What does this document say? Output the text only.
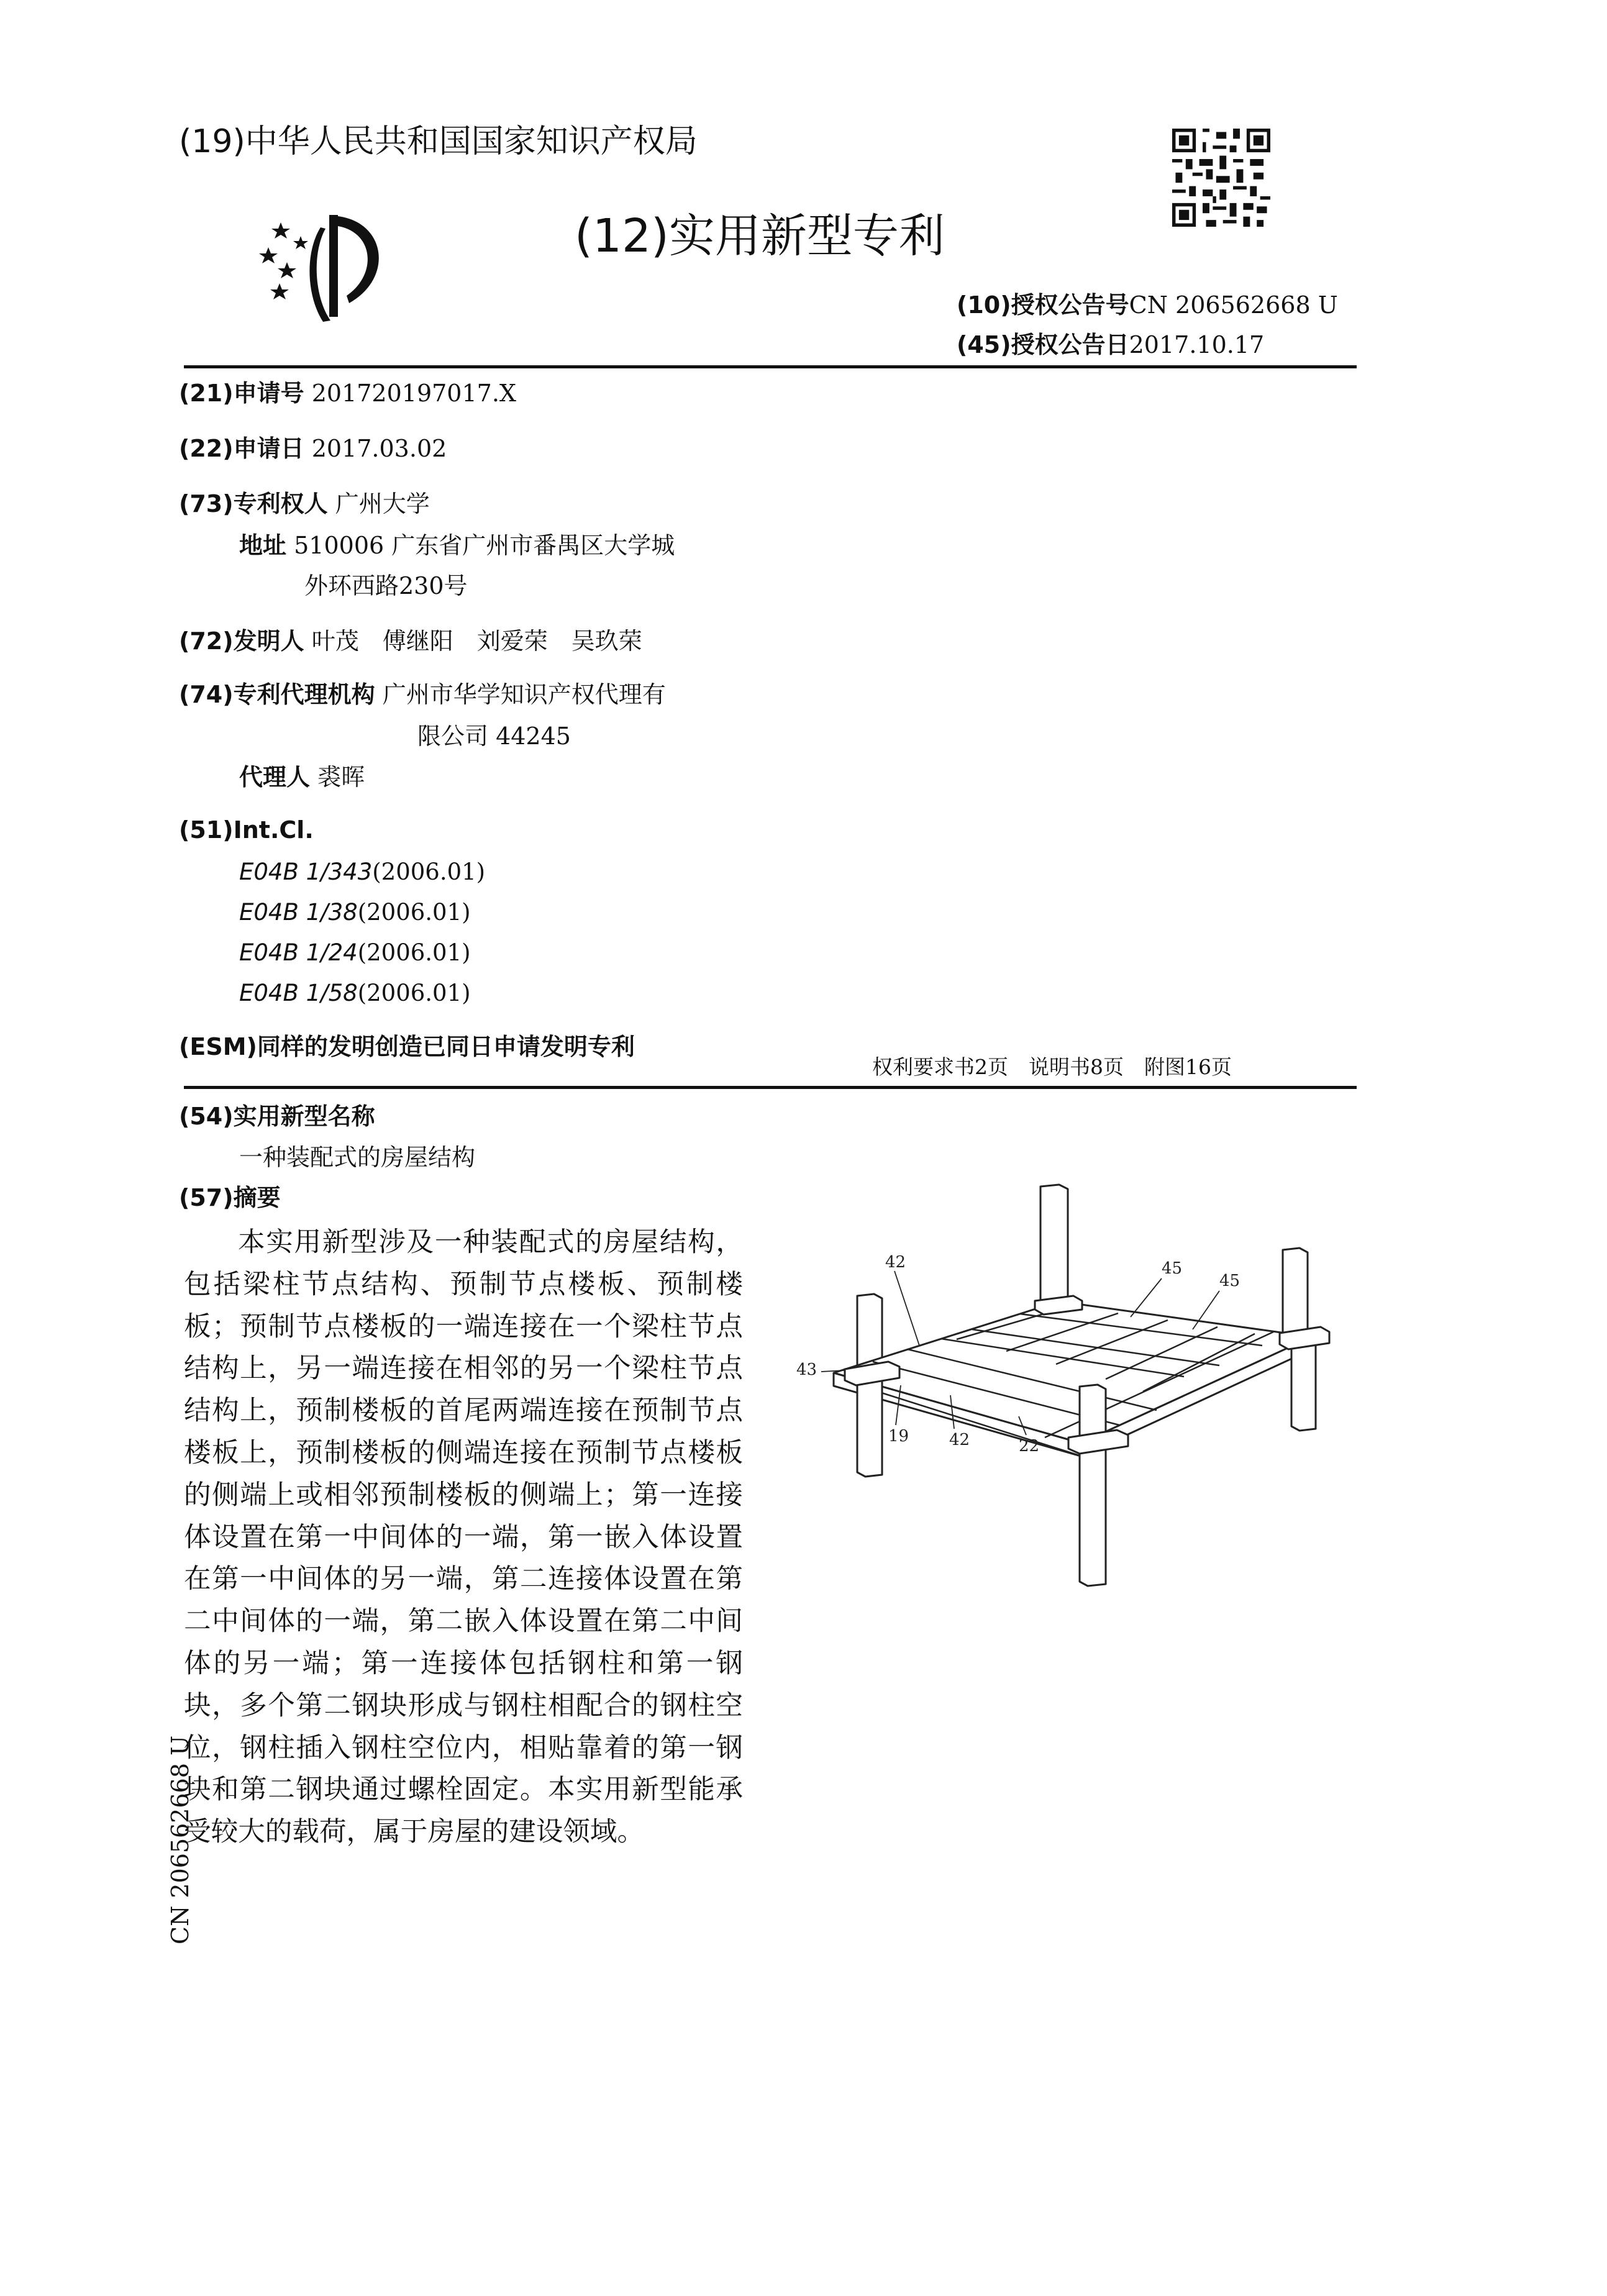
(19)中华人民共和国国家知识产权局
(12)实用新型专利
(10)授权公告号CN 206562668 U
(45)授权公告日2017.10.17
(21)申请号 201720197017.X
(22)申请日 2017.03.02
(73)专利权人 广州大学
地址 510006 广东省广州市番禺区大学城
外环西路230号
(72)发明人 叶茂　傅继阳　刘爱荣　吴玖荣
(74)专利代理机构 广州市华学知识产权代理有
限公司 44245
代理人 裘晖
(51)Int.Cl.
E04B 1/343(2006.01)
E04B 1/38(2006.01)
E04B 1/24(2006.01)
E04B 1/58(2006.01)
(ESM)同样的发明创造已同日申请发明专利
权利要求书2页　说明书8页　附图16页
(54)实用新型名称
一种装配式的房屋结构
(57)摘要

本实用新型涉及一种装配式的房屋结构，包括梁柱节点结构、预制节点楼板、预制楼板；预制节点楼板的一端连接在一个梁柱节点结构上，另一端连接在相邻的另一个梁柱节点结构上，预制楼板的首尾两端连接在预制节点楼板上，预制楼板的侧端连接在预制节点楼板的侧端上或相邻预制楼板的侧端上；第一连接体设置在第一中间体的一端，第一嵌入体设置在第一中间体的另一端，第二连接体设置在第二中间体的一端，第二嵌入体设置在第二中间体的另一端；第一连接体包括钢柱和第一钢块，多个第二钢块形成与钢柱相配合的钢柱空位，钢柱插入钢柱空位内，相贴靠着的第一钢块和第二钢块通过螺栓固定。本实用新型能承受较大的载荷，属于房屋的建设领域。

CN 206562668 U
45
45
42
43
19 42	22
